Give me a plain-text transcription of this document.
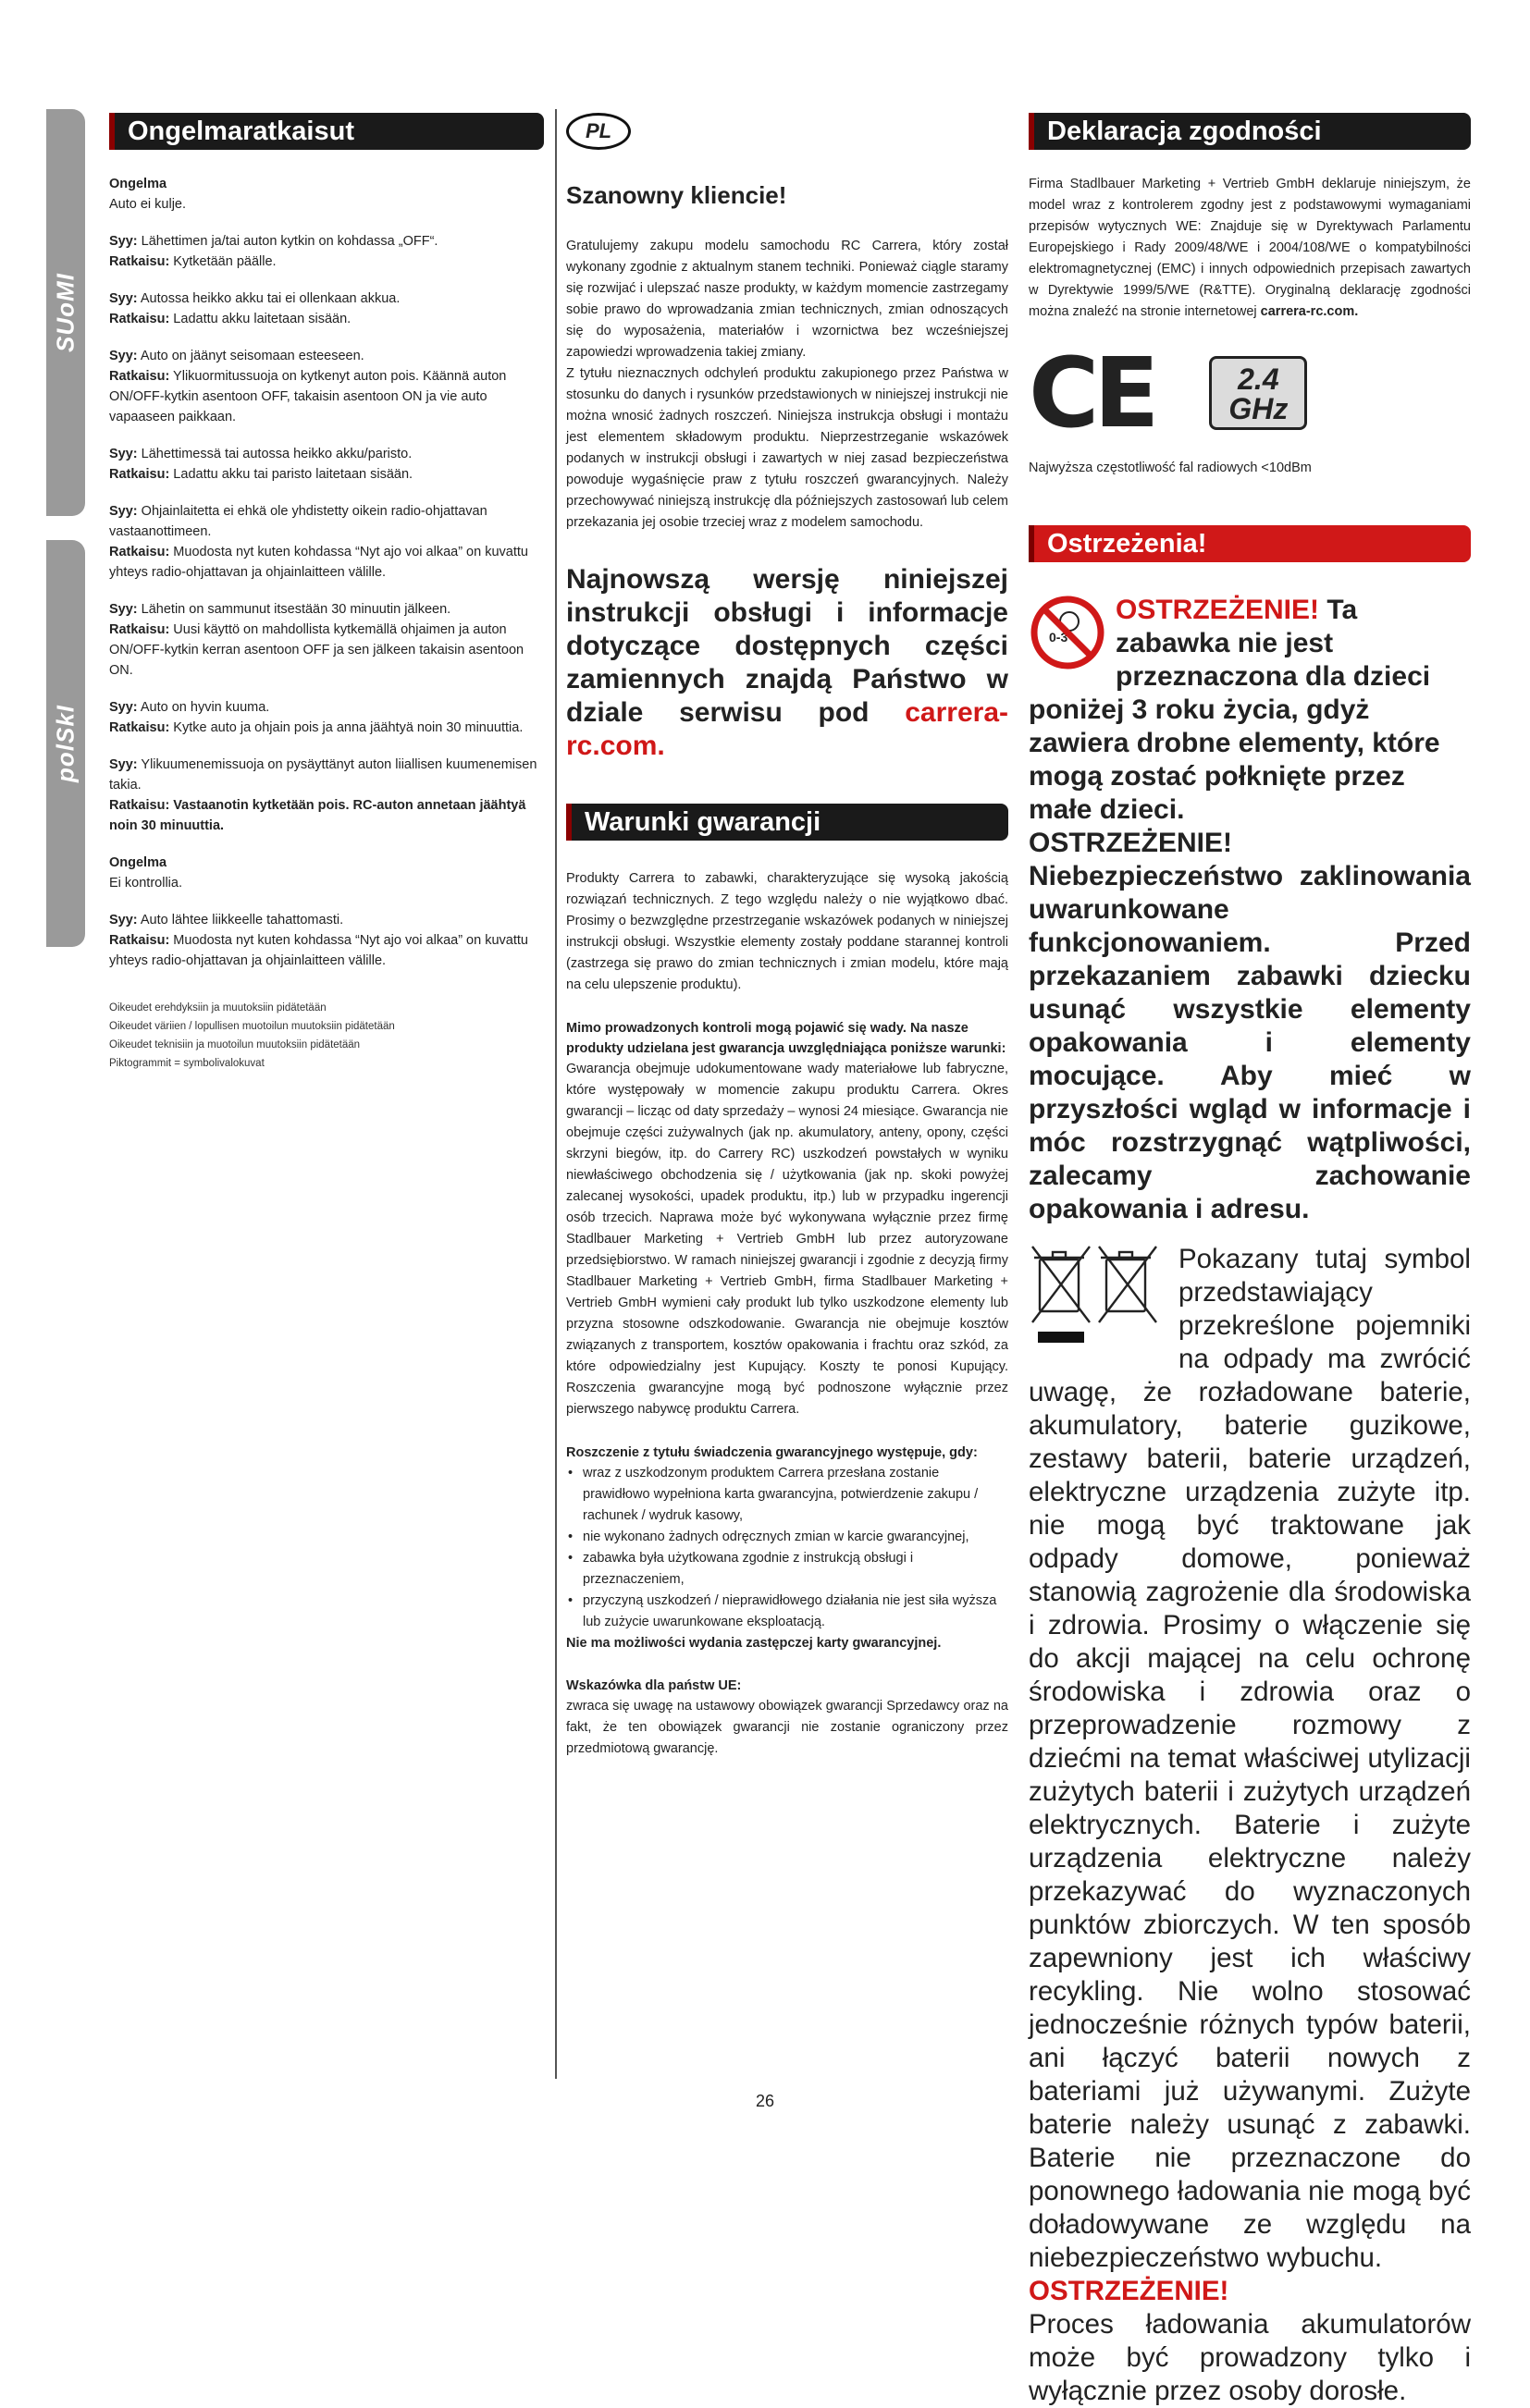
SUoMI
polSkI
Ongelmaratkaisut
Ongelma
Auto ei kulje.
Syy: Lähettimen ja/tai auton kytkin on kohdassa „OFF“.
Ratkaisu: Kytketään päälle.
Syy: Autossa heikko akku tai ei ollenkaan akkua.
Ratkaisu: Ladattu akku laitetaan sisään.
Syy: Auto on jäänyt seisomaan esteeseen.
Ratkaisu: Ylikuormitussuoja on kytkenyt auton pois. Käännä auton ON/OFF-kytkin asentoon OFF, takaisin asentoon ON ja vie auto vapaaseen paikkaan.
Syy: Lähettimessä tai autossa heikko akku/paristo.
Ratkaisu: Ladattu akku tai paristo laitetaan sisään.
Syy: Ohjainlaitetta ei ehkä ole yhdistetty oikein radio-ohjattavan vastaanottimeen.
Ratkaisu: Muodosta nyt kuten kohdassa “Nyt ajo voi alkaa” on kuvattu yhteys radio-ohjattavan ja ohjainlaitteen välille.
Syy: Lähetin on sammunut itsestään 30 minuutin jälkeen.
Ratkaisu: Uusi käyttö on mahdollista kytkemällä ohjaimen ja auton ON/OFF-kytkin kerran asentoon OFF ja sen jälkeen takaisin asentoon ON.
Syy: Auto on hyvin kuuma.
Ratkaisu: Kytke auto ja ohjain pois ja anna jäähtyä noin 30 minuuttia.
Syy: Ylikuumenemissuoja on pysäyttänyt auton liiallisen kuumenemisen takia.
Ratkaisu: Vastaanotin kytketään pois. RC-auton annetaan jäähtyä noin 30 minuuttia.
Ongelma
Ei kontrollia.
Syy: Auto lähtee liikkeelle tahattomasti.
Ratkaisu: Muodosta nyt kuten kohdassa “Nyt ajo voi alkaa” on kuvattu yhteys radio-ohjattavan ja ohjainlaitteen välille.
Oikeudet erehdyksiin ja muutoksiin pidätetään
Oikeudet väriien / lopullisen muotoilun muutoksiin pidätetään
Oikeudet teknisiin ja muotoilun muutoksiin pidätetään
Piktogrammit = symbolivalokuvat
PL
Szanowny kliencie!

Gratulujemy zakupu modelu samochodu RC Carrera, który został wykonany zgodnie z aktualnym stanem techniki. Ponieważ ciągle staramy się rozwijać i ulepszać nasze produkty, w każdym momencie zastrzegamy sobie prawo do wprowadzania zmian technicznych, zmian odnoszących się do wyposażenia, materiałów i wzornictwa bez wcześniejszej zapowiedzi wprowadzenia takiej zmiany.

Z tytułu nieznacznych odchyleń produktu zakupionego przez Państwa w stosunku do danych i rysunków przedstawionych w niniejszej instrukcji nie można wnosić żadnych roszczeń. Niniejsza instrukcja obsługi i montażu jest elementem składowym produktu. Nieprzestrzeganie wskazówek podanych w instrukcji obsługi i zawartych w niej zasad bezpieczeństwa powoduje wygaśnięcie praw z tytułu roszczeń gwarancyjnych. Należy przechowywać niniejszą instrukcję dla późniejszych zastosowań lub celem przekazania jej osobie trzeciej wraz z modelem samochodu.

Najnowszą wersję niniejszej instrukcji obsługi i informacje dotyczące dostępnych części zamiennych znajdą Państwo w dziale serwisu pod carrera-rc.com.
Warunki gwarancji

Produkty Carrera to zabawki, charakteryzujące się wysoką jakością rozwiązań technicznych. Z tego względu należy o nie wyjątkowo dbać. Prosimy o bezwzględne przestrzeganie wskazówek podanych w niniejszej instrukcji obsługi. Wszystkie elementy zostały poddane starannej kontroli (zastrzega się prawo do zmian technicznych i zmian modelu, które mają na celu ulepszenie produktu).

Mimo prowadzonych kontroli mogą pojawić się wady. Na nasze produkty udzielana jest gwarancja uwzględniająca poniższe warunki:

Gwarancja obejmuje udokumentowane wady materiałowe lub fabryczne, które występowały w momencie zakupu produktu Carrera. Okres gwarancji – licząc od daty sprzedaży – wynosi 24 miesiące. Gwarancja nie obejmuje części zużywalnych (jak np. akumulatory, anteny, opony, części skrzyni biegów, itp. do Carrery RC) uszkodzeń powstałych w wyniku niewłaściwego obchodzenia się / użytkowania (jak np. skoki powyżej zalecanej wysokości, upadek produktu, itp.) lub w przypadku ingerencji osób trzecich. Naprawa może być wykonywana wyłącznie przez firmę Stadlbauer Marketing + Vertrieb GmbH lub przez autoryzowane przedsiębiorstwo. W ramach niniejszej gwarancji i zgodnie z decyzją firmy Stadlbauer Marketing + Vertrieb GmbH, firma Stadlbauer Marketing + Vertrieb GmbH wymieni cały produkt lub tylko uszkodzone elementy lub przyzna stosowne odszkodowanie. Gwarancja nie obejmuje kosztów związanych z transportem, kosztów opakowania i frachtu oraz szkód, za które odpowiedzialny jest Kupujący. Koszty te ponosi Kupujący. Roszczenia gwarancyjne mogą być podnoszone wyłącznie przez pierwszego nabywcę produktu Carrera.

Roszczenie z tytułu świadczenia gwarancyjnego występuje, gdy:

• wraz z uszkodzonym produktem Carrera przesłana zostanie prawidłowo wypełniona karta gwarancyjna, potwierdzenie zakupu / rachunek / wydruk kasowy,
• nie wykonano żadnych odręcznych zmian w karcie gwarancyjnej,
• zabawka była użytkowana zgodnie z instrukcją obsługi i przeznaczeniem,
• przyczyną uszkodzeń / nieprawidłowego działania nie jest siła wyższa lub zużycie uwarunkowane eksploatacją.

Nie ma możliwości wydania zastępczej karty gwarancyjnej.

Wskazówka dla państw UE:

zwraca się uwagę na ustawowy obowiązek gwarancji Sprzedawcy oraz na fakt, że ten obowiązek gwarancji nie zostanie ograniczony przez przedmiotową gwarancję.

Deklaracja zgodności

Firma Stadlbauer Marketing + Vertrieb GmbH deklaruje niniejszym, że model wraz z kontrolerem zgodny jest z podstawowymi wymaganiami przepisów wytycznych WE: Znajduje się w Dyrektywach Parlamentu Europejskiego i Rady 2009/48/WE i 2004/108/WE o kompatybilności elektromagnetycznej (EMC) i innych odpowiednich przepisach zawartych w Dyrektywie 1999/5/WE (R&TTE). Oryginalną deklarację zgodności można znaleźć na stronie internetowej carrera-rc.com.

CE	2.4
GHz

Najwyższa częstotliwość fal radiowych <10dBm

Ostrzeżenia!
0-3
OSTRZEŻENIE! Ta zabawka nie jest przeznaczona dla dzieci poniżej 3 roku życia, gdyż zawiera drobne elementy, które mogą zostać połknięte przez małe dzieci.
OSTRZEŻENIE!
Niebezpieczeństwo zaklinowania uwarunkowane funkcjonowaniem. Przed przekazaniem zabawki dziecku usunąć wszystkie elementy opakowania i elementy mocujące. Aby mieć w przyszłości wgląd w informacje i móc rozstrzygnąć wątpliwości, zalecamy zachowanie opakowania i adresu.
Pokazany tutaj symbol przedstawiający przekreślone pojemniki na odpady ma zwrócić uwagę, że rozładowane baterie, akumulatory, baterie guzikowe, zestawy baterii, baterie urządzeń, elektryczne urządzenia zużyte itp. nie mogą być traktowane jak odpady domowe, ponieważ stanowią zagrożenie dla środowiska i zdrowia. Prosimy o włączenie się do akcji mającej na celu ochronę środowiska i zdrowia oraz o przeprowadzenie rozmowy z dziećmi na temat właściwej utylizacji zużytych baterii i zużytych urządzeń elektrycznych. Baterie i zużyte urządzenia elektryczne należy przekazywać do wyznaczonych punktów zbiorczych. W ten sposób zapewniony jest ich właściwy recykling. Nie wolno stosować jednocześnie różnych typów baterii, ani łączyć baterii nowych z bateriami już używanymi. Zużyte baterie należy usunąć z zabawki. Baterie nie przeznaczone do ponownego ładowania nie mogą być doładowywane ze względu na niebezpieczeństwo wybuchu.
OSTRZEŻENIE!
Proces ładowania akumulatorów może być prowadzony tylko i wyłącznie przez osoby dorosłe.
26
